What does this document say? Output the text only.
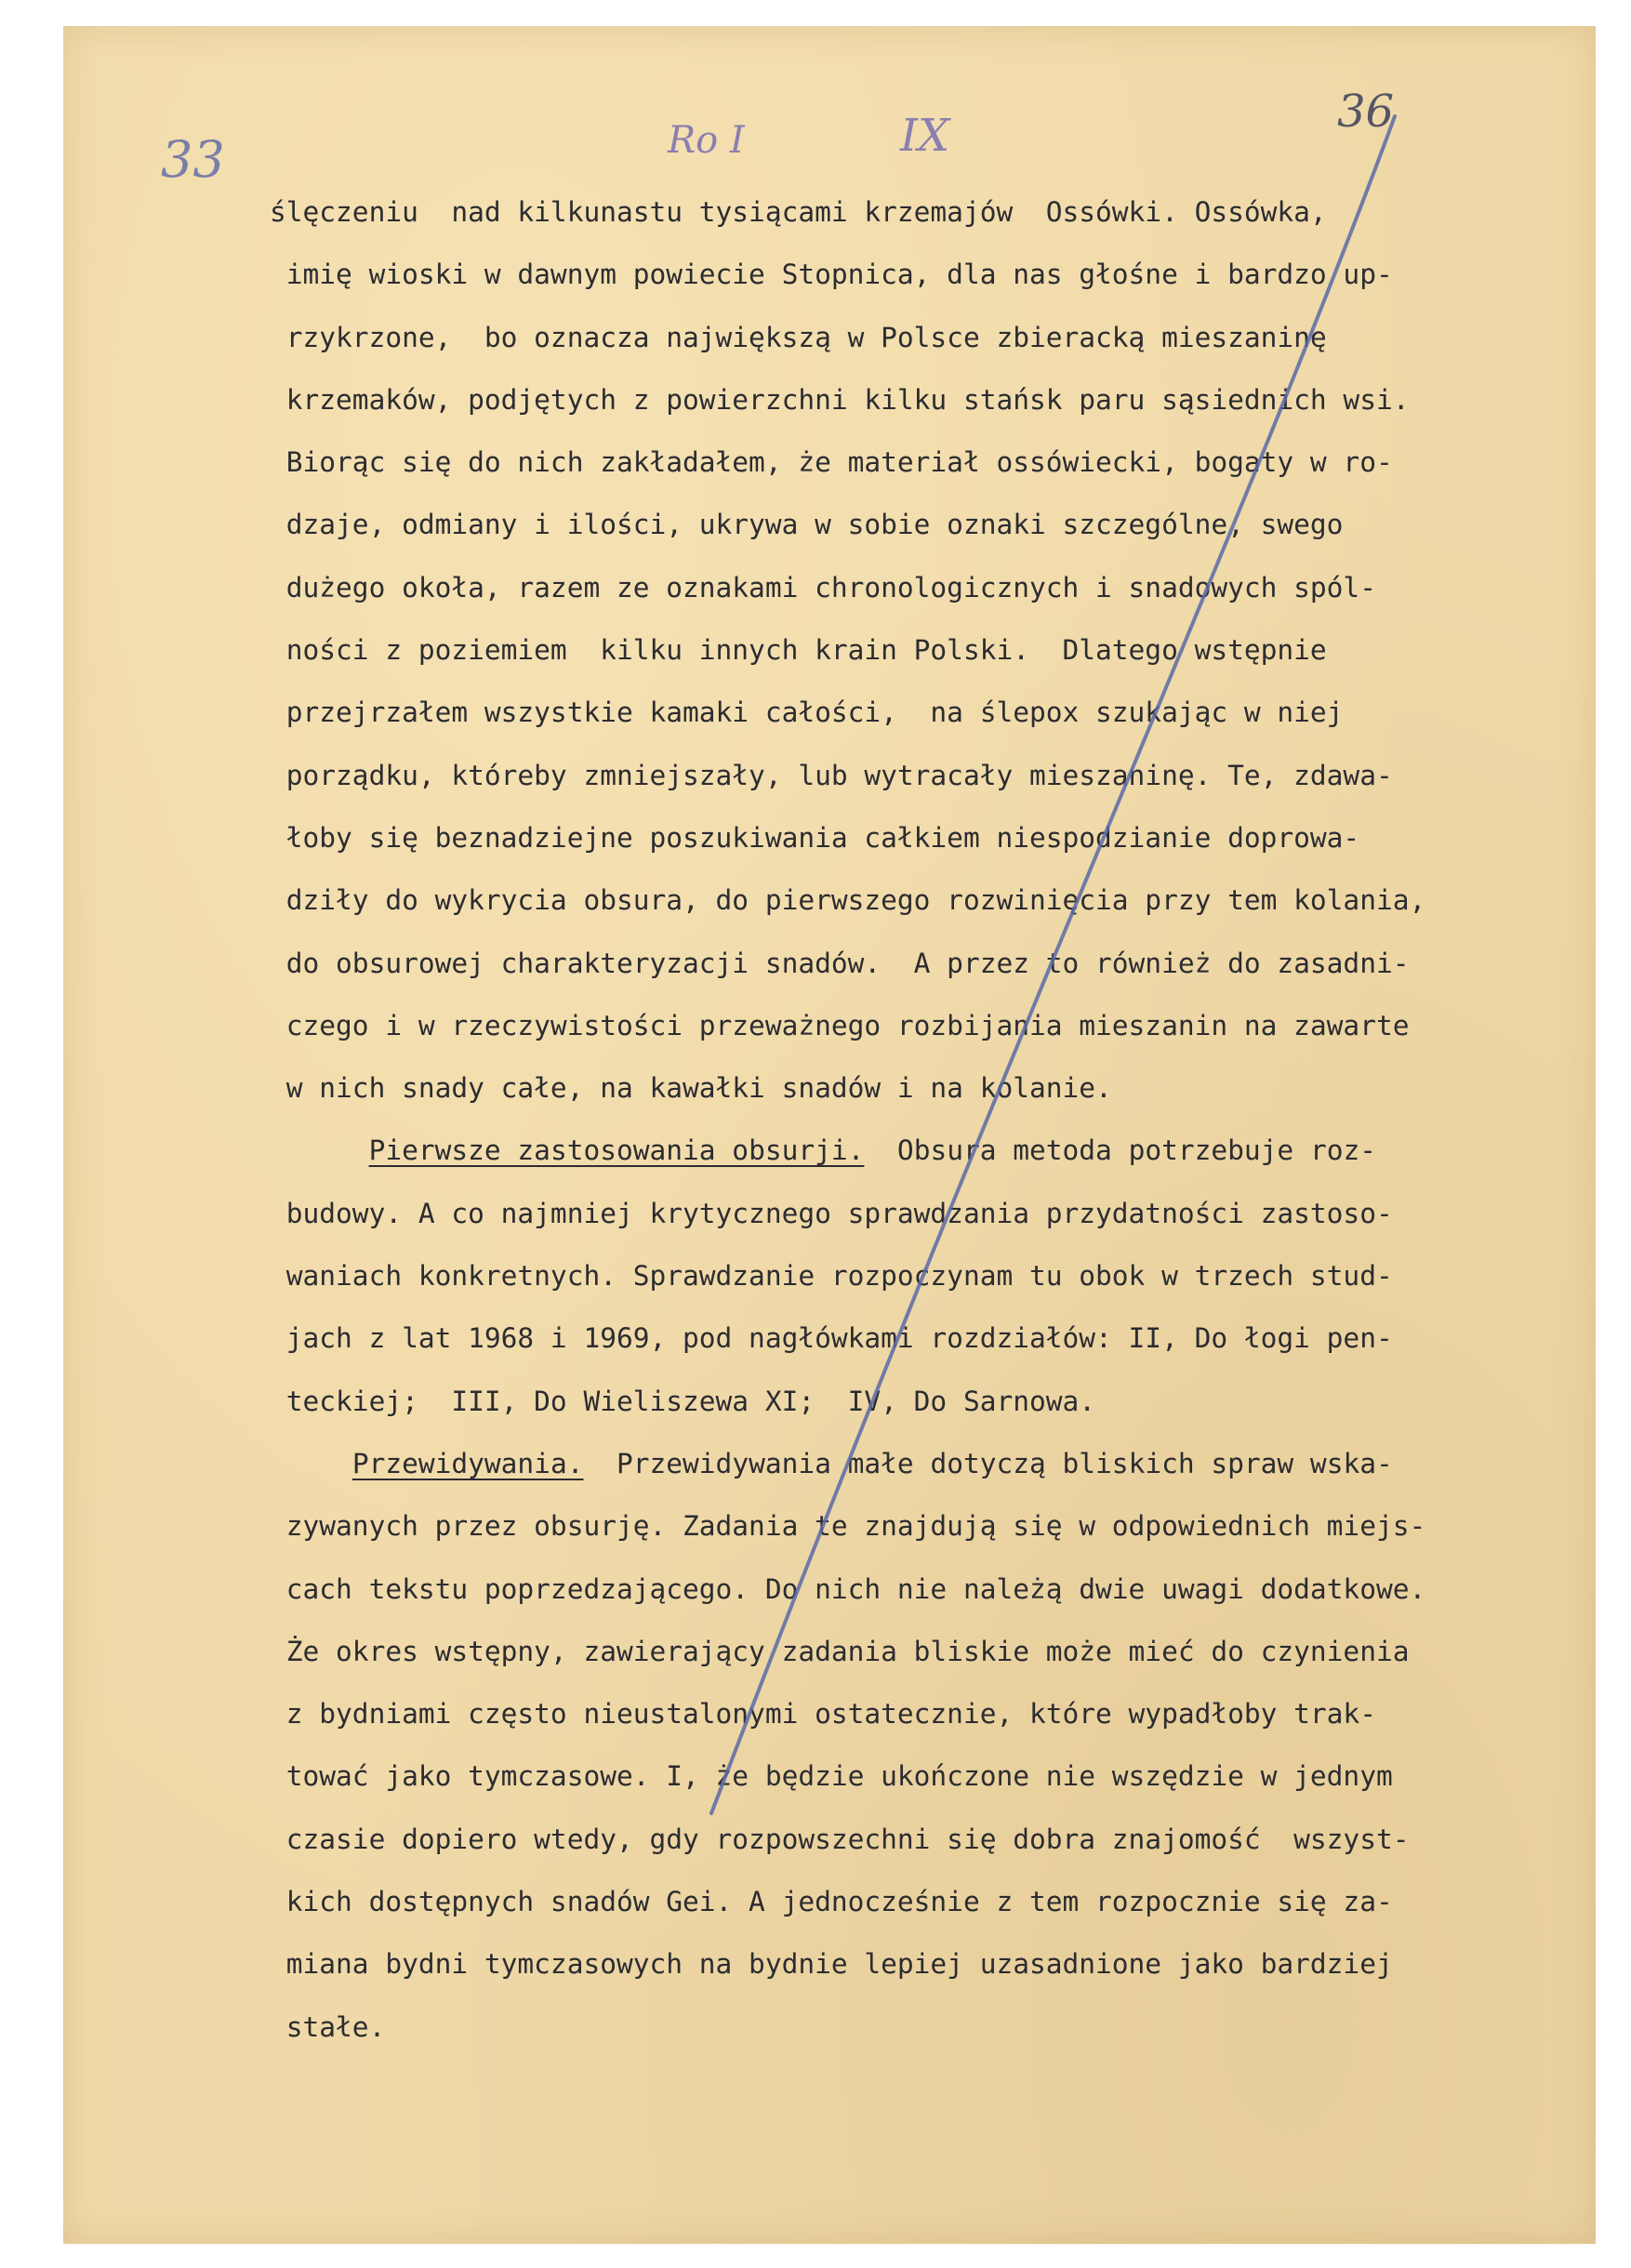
33	Ro I	IX	36
ślęczeniu  nad kilkunastu tysiącami krzemajów  Ossówki. Ossówka,
imię wioski w dawnym powiecie Stopnica, dla nas głośne i bardzo up-
rzykrzone,  bo oznacza największą w Polsce zbieracką mieszaninę
krzemaków, podjętych z powierzchni kilku stańsk paru sąsiednich wsi.
Biorąc się do nich zakładałem, że materiał ossówiecki, bogaty w ro-
dzaje, odmiany i ilości, ukrywa w sobie oznaki szczególne, swego
dużego okoła, razem ze oznakami chronologicznych i snadowych spól-
ności z poziemiem  kilku innych krain Polski.  Dlatego wstępnie
przejrzałem wszystkie kamaki całości,  na ślepox szukając w niej
porządku, któreby zmniejszały, lub wytracały mieszaninę. Te, zdawa-
łoby się beznadziejne poszukiwania całkiem niespodzianie doprowa-
dziły do wykrycia obsura, do pierwszego rozwinięcia przy tem kolania,
do obsurowej charakteryzacji snadów.  A przez to również do zasadni-
czego i w rzeczywistości przeważnego rozbijania mieszanin na zawarte
w nich snady całe, na kawałki snadów i na kolanie.
Pierwsze zastosowania obsurji.  Obsura metoda potrzebuje roz-
budowy. A co najmniej krytycznego sprawdzania przydatności zastoso-
waniach konkretnych. Sprawdzanie rozpoczynam tu obok w trzech stud-
jach z lat 1968 i 1969, pod nagłówkami rozdziałów: II, Do łogi pen-
teckiej;  III, Do Wieliszewa XI;  IV, Do Sarnowa.
Przewidywania.  Przewidywania małe dotyczą bliskich spraw wska-
zywanych przez obsurję. Zadania te znajdują się w odpowiednich miejs-
cach tekstu poprzedzającego. Do nich nie należą dwie uwagi dodatkowe.
Że okres wstępny, zawierający zadania bliskie może mieć do czynienia
z bydniami często nieustalonymi ostatecznie, które wypadłoby trak-
tować jako tymczasowe. I, że będzie ukończone nie wszędzie w jednym
czasie dopiero wtedy, gdy rozpowszechni się dobra znajomość  wszyst-
kich dostępnych snadów Gei. A jednocześnie z tem rozpocznie się za-
miana bydni tymczasowych na bydnie lepiej uzasadnione jako bardziej
stałe.
